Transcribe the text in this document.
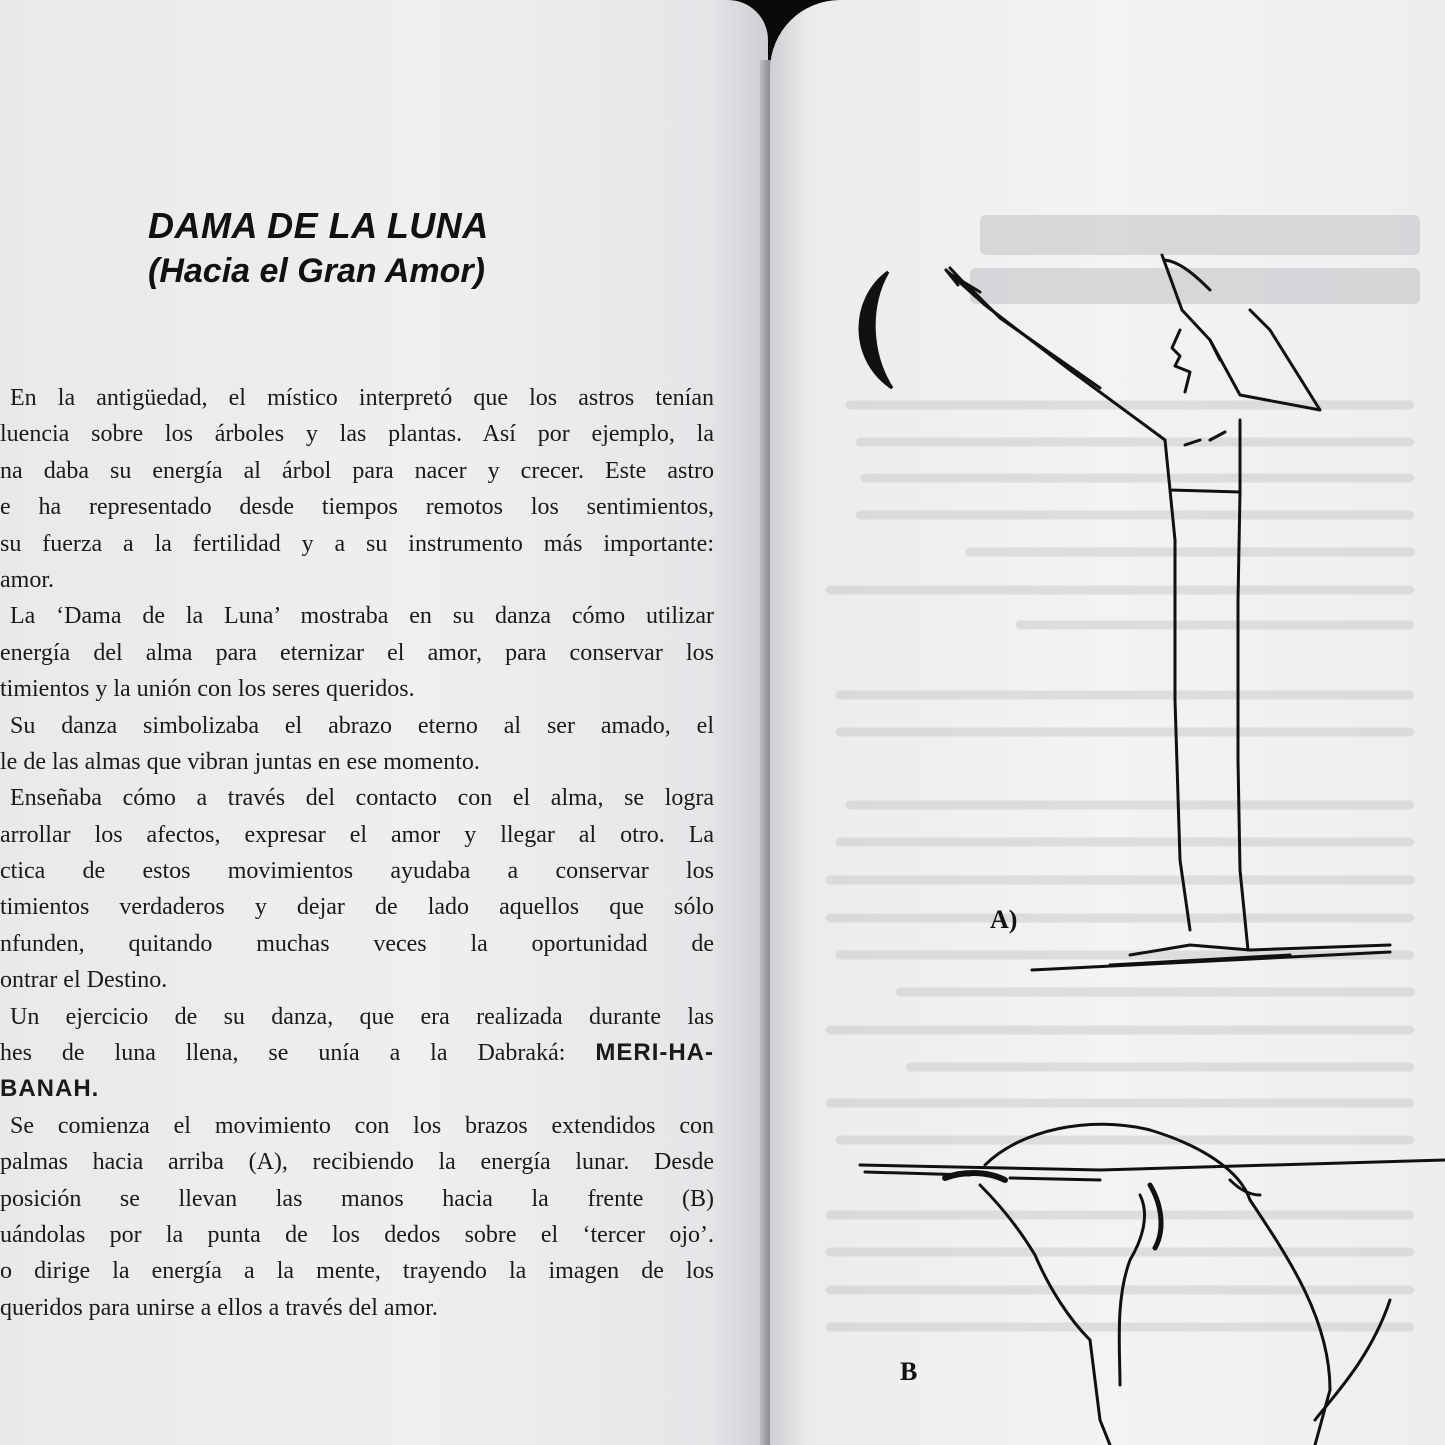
DAMA DE LA LUNA
(Hacia el Gran Amor)
En la antigüedad, el místico interpretó que los astros tenían
luencia sobre los árboles y las plantas. Así por ejemplo, la
na daba su energía al árbol para nacer y crecer. Este astro
e ha representado desde tiempos remotos los sentimientos,
su fuerza a la fertilidad y a su instrumento más importante:
amor.
La ‘Dama de la Luna’ mostraba en su danza cómo utilizar
energía del alma para eternizar el amor, para conservar los
timientos y la unión con los seres queridos.
Su danza simbolizaba el abrazo eterno al ser amado, el
le de las almas que vibran juntas en ese momento.
Enseñaba cómo a través del contacto con el alma, se logra
arrollar los afectos, expresar el amor y llegar al otro. La
ctica de estos movimientos ayudaba a conservar los
timientos verdaderos y dejar de lado aquellos que sólo
nfunden, quitando muchas veces la oportunidad de
ontrar el Destino.
Un ejercicio de su danza, que era realizada durante las
hes de luna llena, se unía a la Dabraká: MERI-HA-
BANAH.
Se comienza el movimiento con los brazos extendidos con
palmas hacia arriba (A), recibiendo la energía lunar. Desde
posición se llevan las manos hacia la frente (B)
uándolas por la punta de los dedos sobre el ‘tercer ojo’.
o dirige la energía a la mente, trayendo la imagen de los
queridos para unirse a ellos a través del amor.
A)
B
